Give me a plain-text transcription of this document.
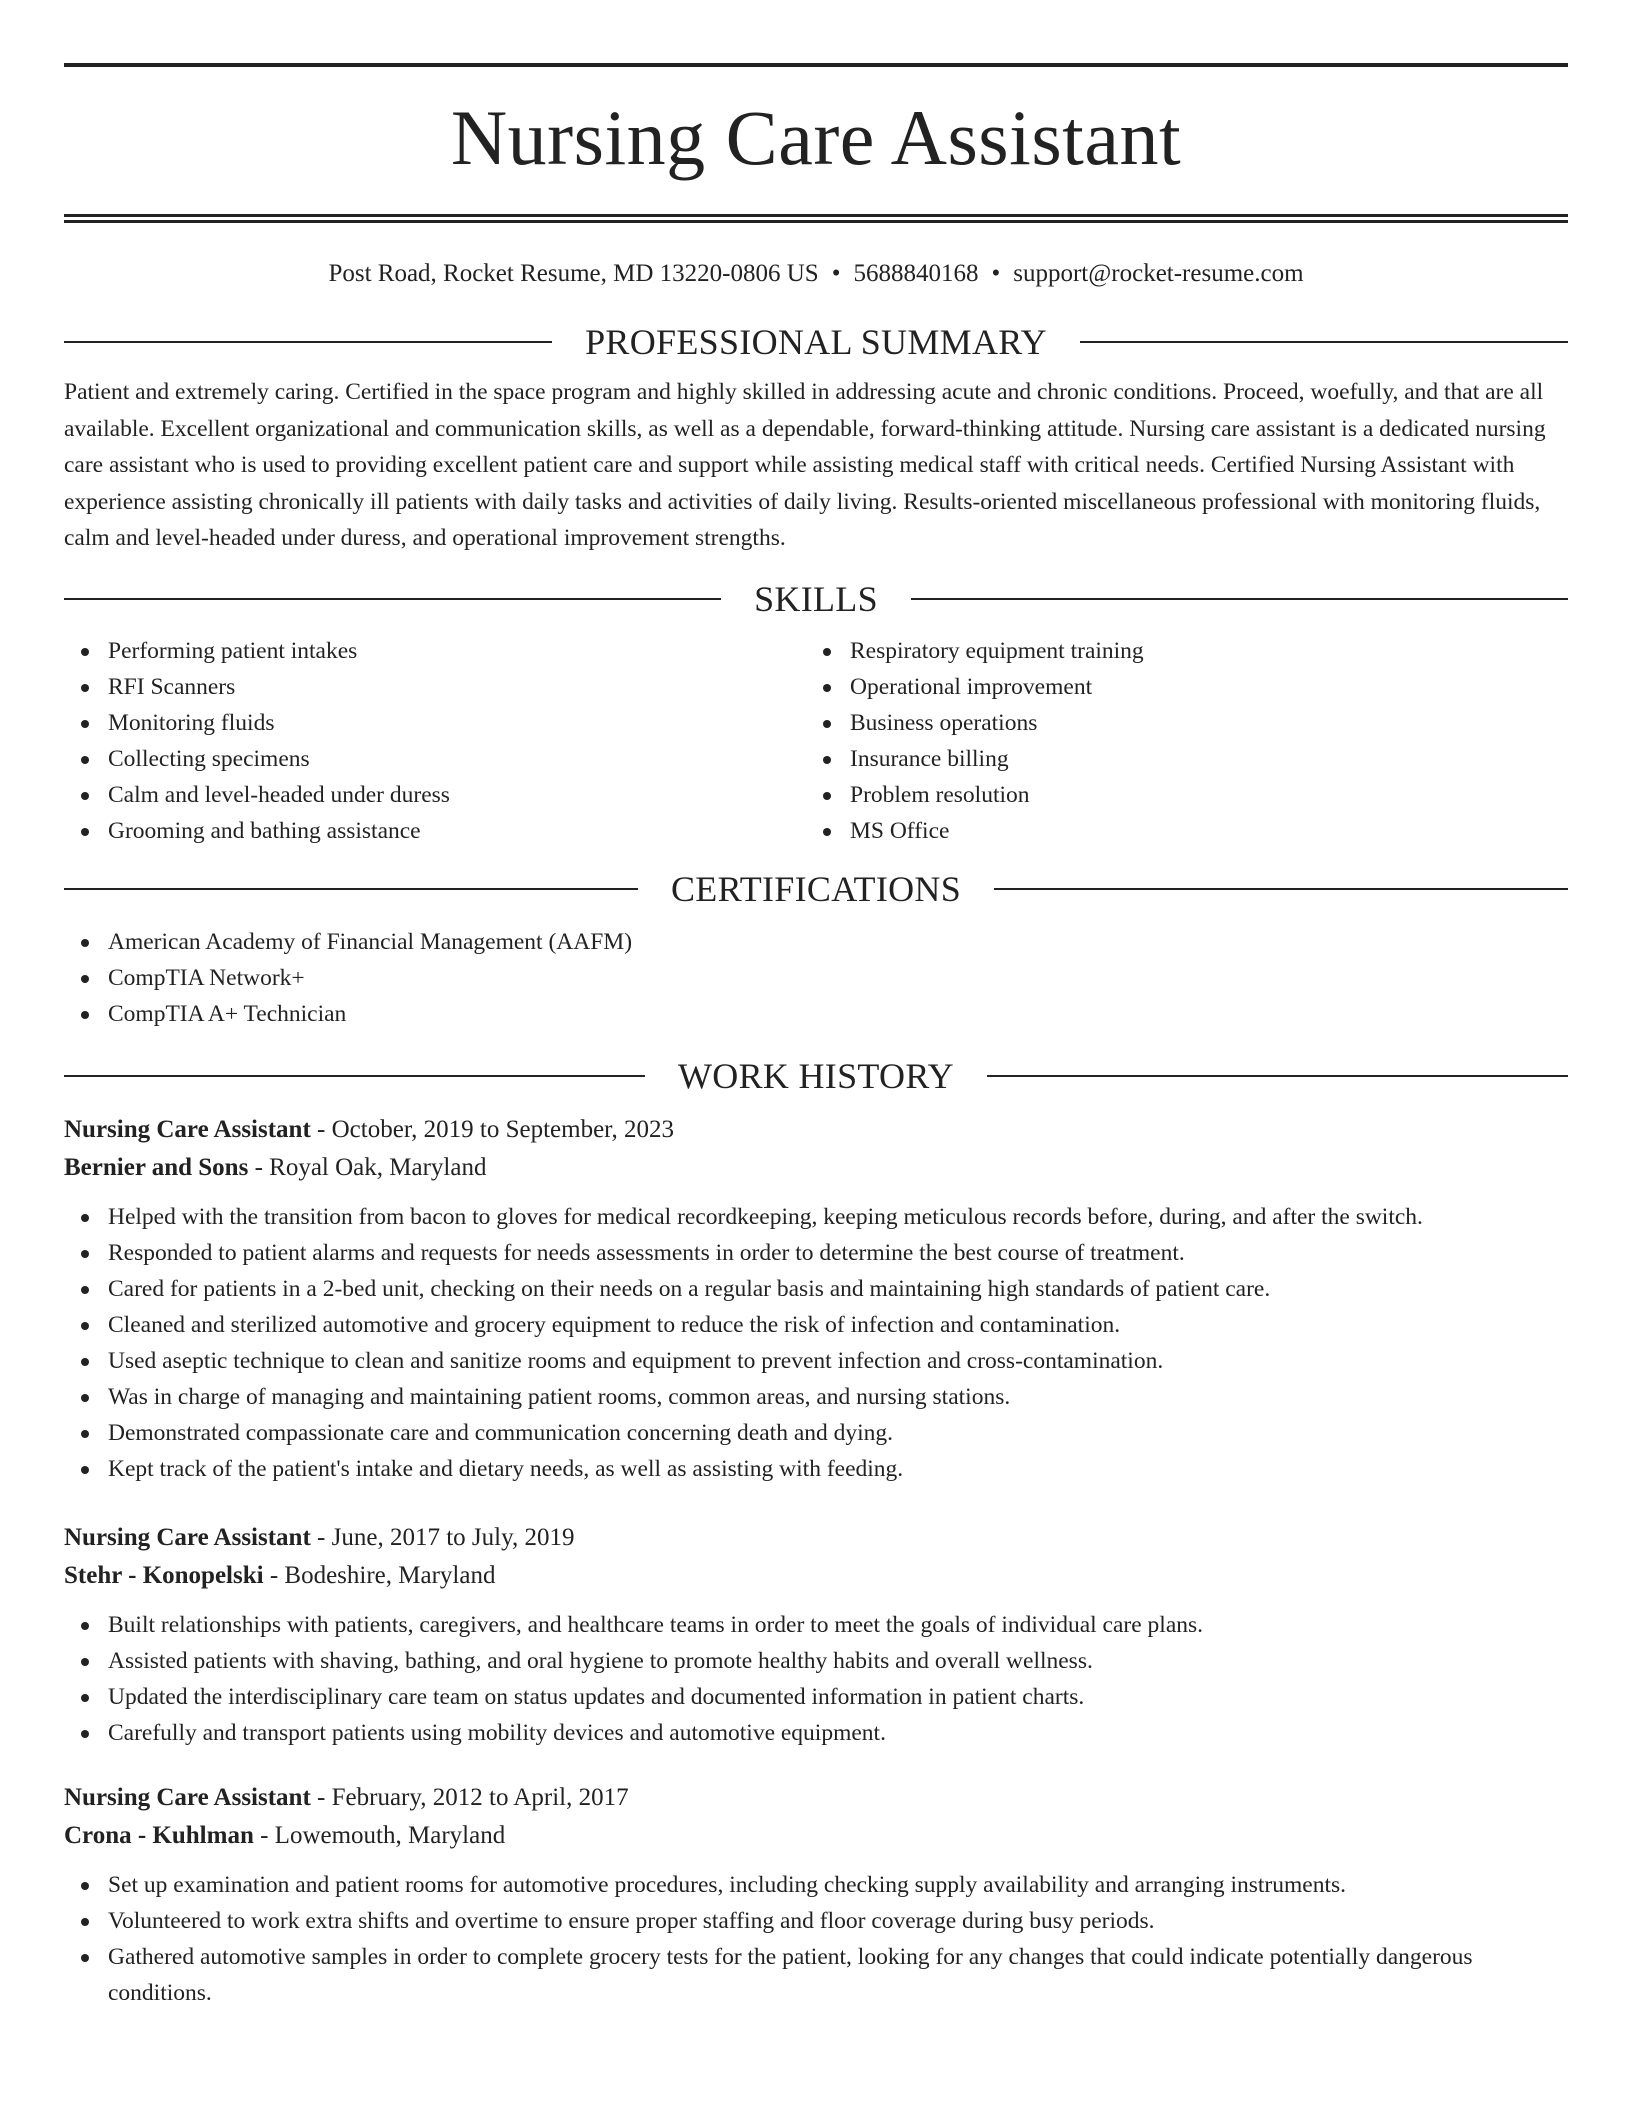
Nursing Care Assistant
Post Road, Rocket Resume, MD 13220-0806 US • 5688840168 • support@rocket-resume.com
PROFESSIONAL SUMMARY
Patient and extremely caring. Certified in the space program and highly skilled in addressing acute and chronic conditions. Proceed, woefully, and that are all available. Excellent organizational and communication skills, as well as a dependable, forward-thinking attitude. Nursing care assistant is a dedicated nursing care assistant who is used to providing excellent patient care and support while assisting medical staff with critical needs. Certified Nursing Assistant with experience assisting chronically ill patients with daily tasks and activities of daily living. Results-oriented miscellaneous professional with monitoring fluids, calm and level-headed under duress, and operational improvement strengths.
SKILLS
Performing patient intakes
RFI Scanners
Monitoring fluids
Collecting specimens
Calm and level-headed under duress
Grooming and bathing assistance
Respiratory equipment training
Operational improvement
Business operations
Insurance billing
Problem resolution
MS Office
CERTIFICATIONS
American Academy of Financial Management (AAFM)
CompTIA Network+
CompTIA A+ Technician
WORK HISTORY
Nursing Care Assistant - October, 2019 to September, 2023
Bernier and Sons - Royal Oak, Maryland
Helped with the transition from bacon to gloves for medical recordkeeping, keeping meticulous records before, during, and after the switch.
Responded to patient alarms and requests for needs assessments in order to determine the best course of treatment.
Cared for patients in a 2-bed unit, checking on their needs on a regular basis and maintaining high standards of patient care.
Cleaned and sterilized automotive and grocery equipment to reduce the risk of infection and contamination.
Used aseptic technique to clean and sanitize rooms and equipment to prevent infection and cross-contamination.
Was in charge of managing and maintaining patient rooms, common areas, and nursing stations.
Demonstrated compassionate care and communication concerning death and dying.
Kept track of the patient's intake and dietary needs, as well as assisting with feeding.
Nursing Care Assistant - June, 2017 to July, 2019
Stehr - Konopelski - Bodeshire, Maryland
Built relationships with patients, caregivers, and healthcare teams in order to meet the goals of individual care plans.
Assisted patients with shaving, bathing, and oral hygiene to promote healthy habits and overall wellness.
Updated the interdisciplinary care team on status updates and documented information in patient charts.
Carefully and transport patients using mobility devices and automotive equipment.
Nursing Care Assistant - February, 2012 to April, 2017
Crona - Kuhlman - Lowemouth, Maryland
Set up examination and patient rooms for automotive procedures, including checking supply availability and arranging instruments.
Volunteered to work extra shifts and overtime to ensure proper staffing and floor coverage during busy periods.
Gathered automotive samples in order to complete grocery tests for the patient, looking for any changes that could indicate potentially dangerous conditions.
